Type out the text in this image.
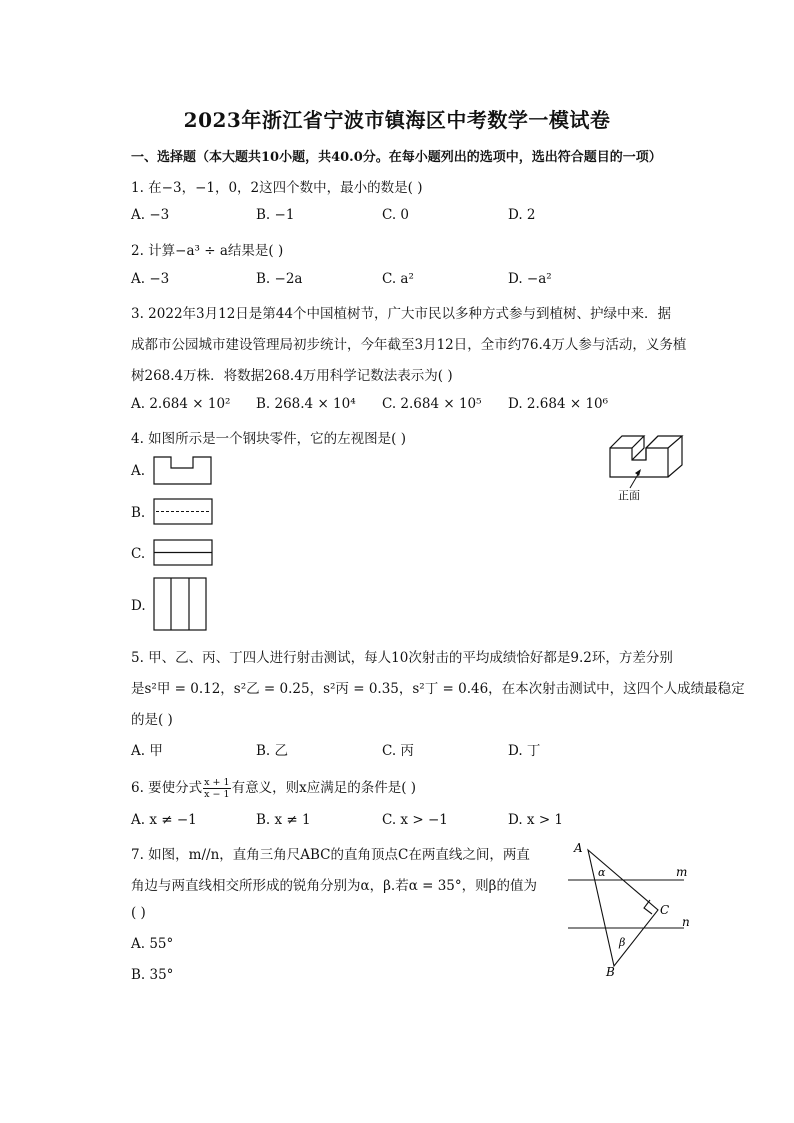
2023年浙江省宁波市镇海区中考数学一模试卷
一、选择题（本大题共10小题，共40.0分。在每小题列出的选项中，选出符合题目的一项）
1. 在−3，−1，0，2这四个数中，最小的数是( )
A. −3	B. −1	C. 0	D. 2
2. 计算−a³ ÷ a结果是( )
A. −3	B. −2a	C. a²	D. −a²
3. 2022年3月12日是第44个中国植树节，广大市民以多种方式参与到植树、护绿中来．据
成都市公园城市建设管理局初步统计，今年截至3月12日，全市约76.4万人参与活动，义务植
树268.4万株．将数据268.4万用科学记数法表示为( )
A. 2.684 × 10² B. 268.4 × 10⁴ C. 2.684 × 10⁵ D. 2.684 × 10⁶
4. 如图所示是一个钢块零件，它的左视图是( )
A.
B.
C.
D.
正面
5. 甲、乙、丙、丁四人进行射击测试，每人10次射击的平均成绩恰好都是9.2环，方差分别
是s²甲 = 0.12，s²乙 = 0.25，s²丙 = 0.35，s²丁 = 0.46，在本次射击测试中，这四个人成绩最稳定
的是( )
A. 甲	B. 乙	C. 丙	D. 丁
6. 要使分式 $\frac{x + 1}{x - 1}$ 有意义，则x应满足的条件是( )
A. x ≠ −1	B. x ≠ 1	C. x > −1	D. x > 1
7. 如图，m//n，直角三角尺ABC的直角顶点C在两直线之间，两直
角边与两直线相交所形成的锐角分别为α，β.若α = 35°，则β的值为
( )
A. 55°
B. 35°
A
B
C
m
n
α
β
